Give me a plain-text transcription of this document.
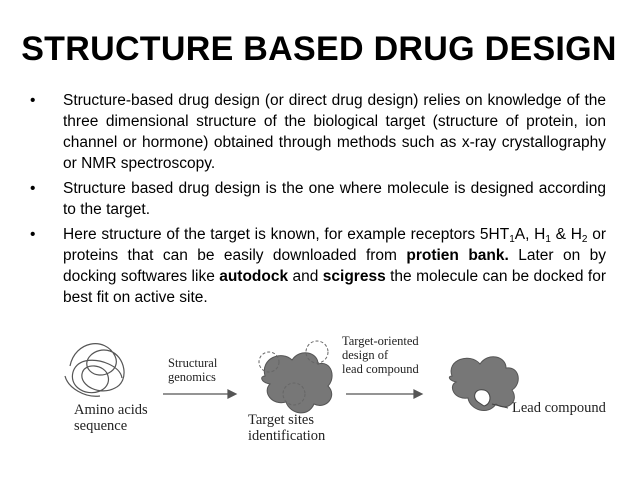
STRUCTURE BASED DRUG DESIGN
• Structure-based drug design (or direct drug design) relies on knowledge of the three dimensional structure of the biological target (structure of protein, ion channel or hormone) obtained through methods such as x-ray crystallography or NMR spectroscopy.
• Structure based drug design is the one where molecule is designed according to the target.
• Here structure of the target is known, for example receptors $5HT_1A$, $H_1$ & $H_2$ or proteins that can be easily downloaded from protien bank. Later on by docking softwares like autodock and scigress the molecule can be docked for best fit on active site.
Amino acids
sequence
Structural
genomics
Target sites
identification
Target-oriented
design of
lead compound
Lead compound
